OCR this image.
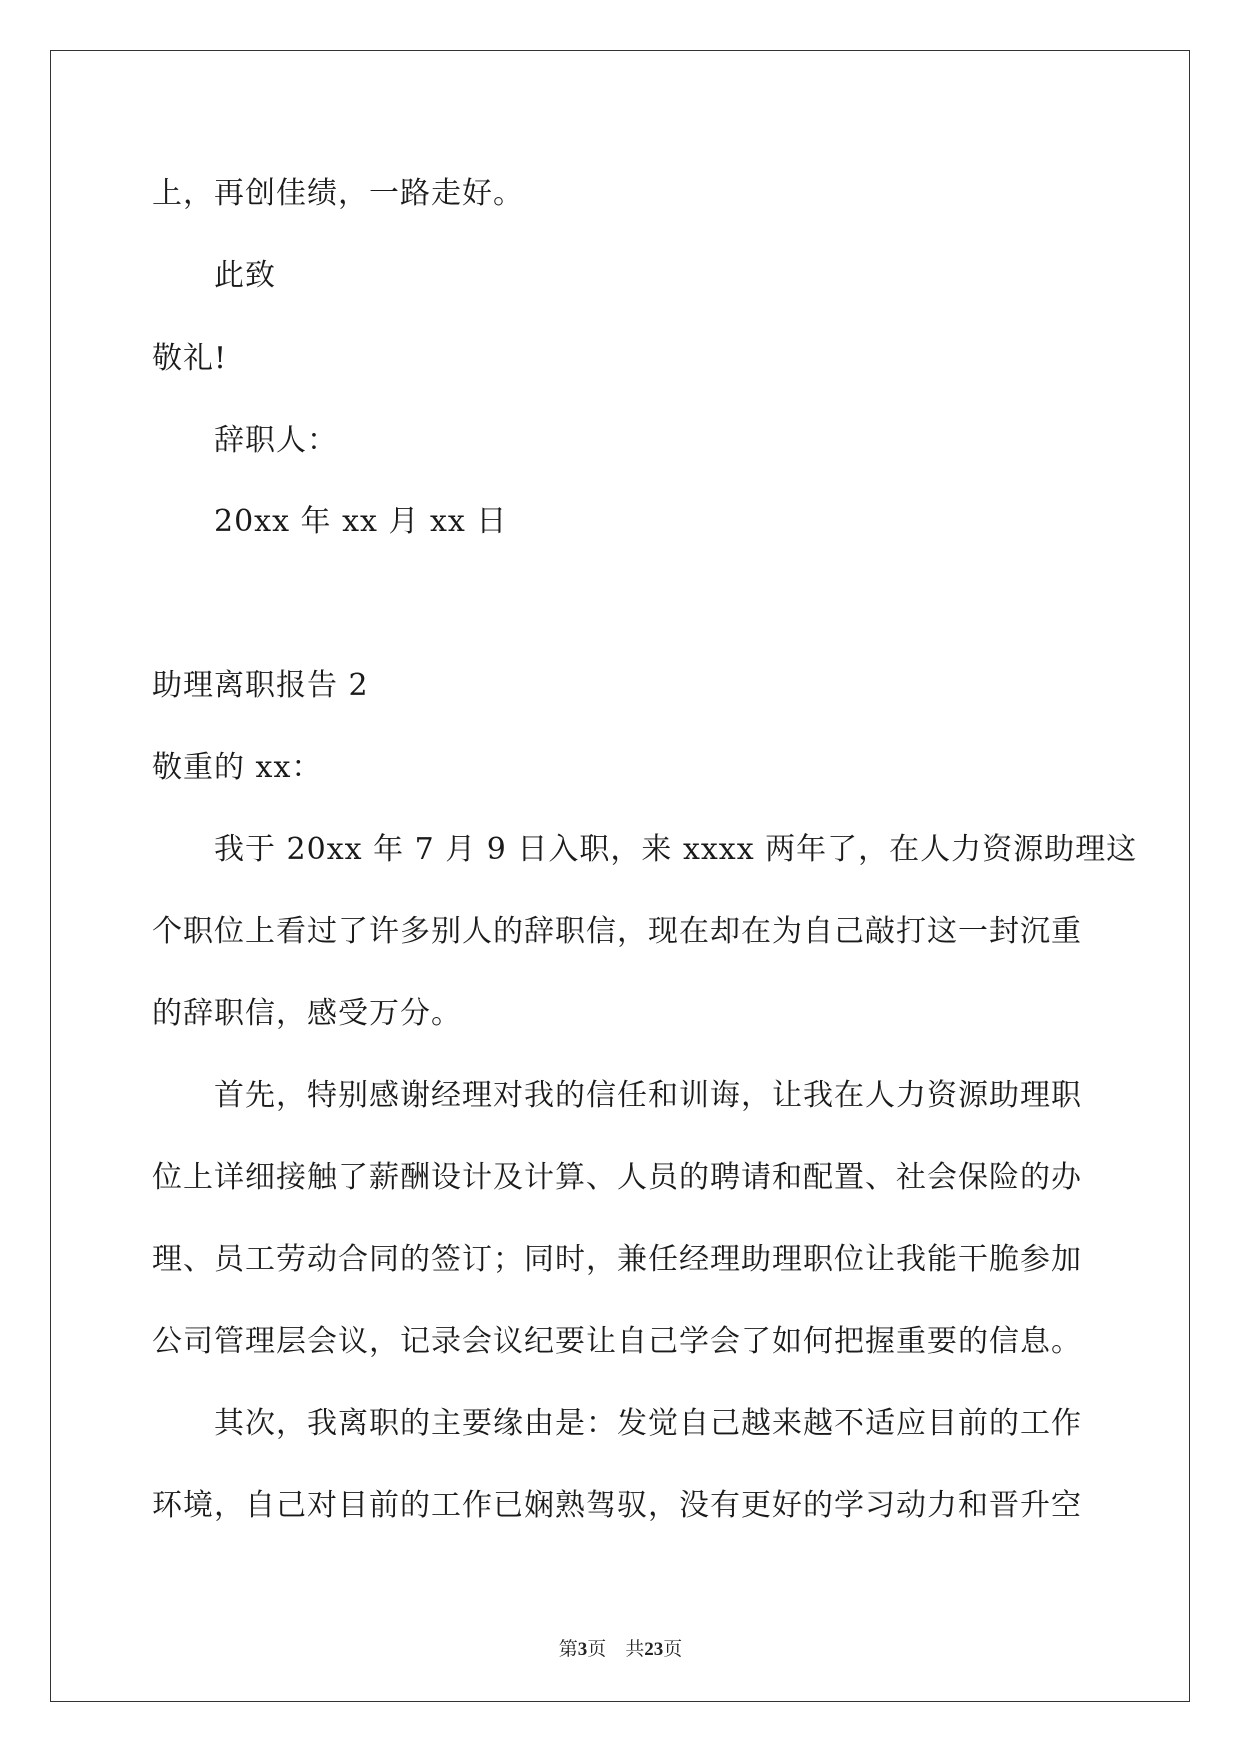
上，再创佳绩，一路走好。
此致
敬礼!
辞职人：
20xx 年 xx 月 xx 日
助理离职报告 2
敬重的 xx：
我于 20xx 年 7 月 9 日入职，来 xxxx 两年了，在人力资源助理这
个职位上看过了许多别人的辞职信，现在却在为自己敲打这一封沉重
的辞职信，感受万分。
首先，特别感谢经理对我的信任和训诲，让我在人力资源助理职
位上详细接触了薪酬设计及计算、人员的聘请和配置、社会保险的办
理、员工劳动合同的签订；同时，兼任经理助理职位让我能干脆参加
公司管理层会议，记录会议纪要让自己学会了如何把握重要的信息。
其次，我离职的主要缘由是：发觉自己越来越不适应目前的工作
环境，自己对目前的工作已娴熟驾驭，没有更好的学习动力和晋升空
第3页　共23页
